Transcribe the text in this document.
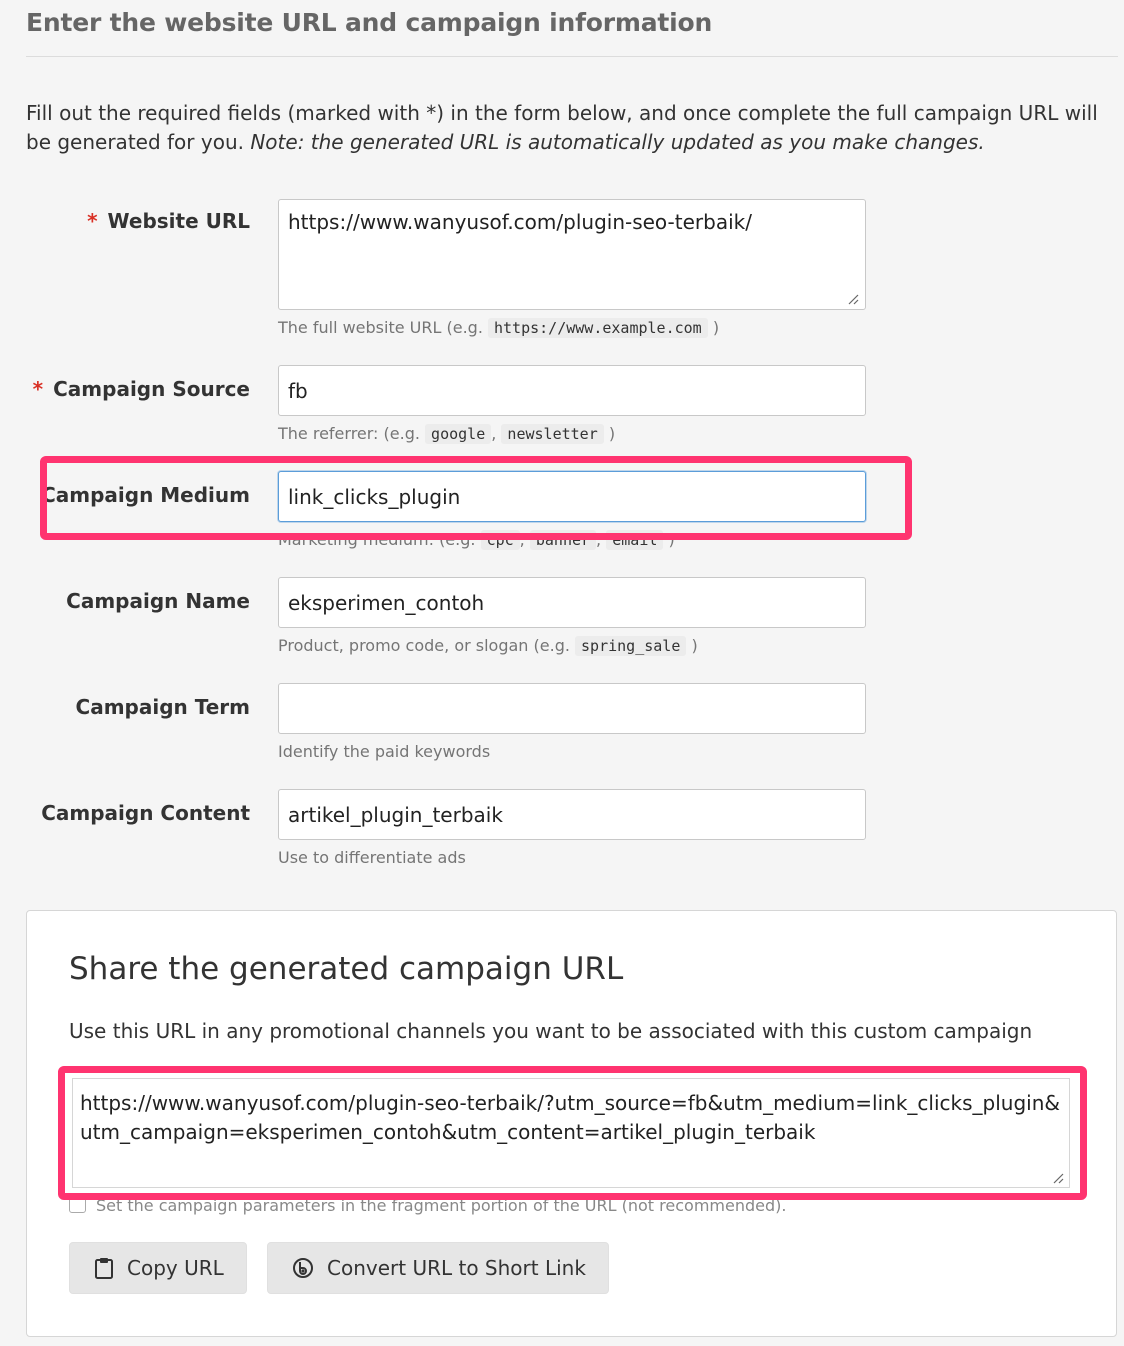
Enter the website URL and campaign information

Fill out the required fields (marked with *) in the form below, and once complete the full campaign URL will be generated for you. Note: the generated URL is automatically updated as you make changes.

* Website URL
https://www.wanyusof.com/plugin-seo-terbaik/
The full website URL (e.g. https://www.example.com )
* Campaign Source
fb
The referrer: (e.g. google , newsletter )
Campaign Medium
link_clicks_plugin
Marketing medium: (e.g. cpc , banner , email )
Campaign Name
eksperimen_contoh
Product, promo code, or slogan (e.g. spring_sale )
Campaign Term
Identify the paid keywords
Campaign Content
artikel_plugin_terbaik
Use to differentiate ads
Share the generated campaign URL

Use this URL in any promotional channels you want to be associated with this custom campaign

https://www.wanyusof.com/plugin-seo-terbaik/?utm_source=fb&utm_medium=link_clicks_plugin&utm_campaign=eksperimen_contoh&utm_content=artikel_plugin_terbaik
Set the campaign parameters in the fragment portion of the URL (not recommended).
Copy URL	Convert URL to Short Link
